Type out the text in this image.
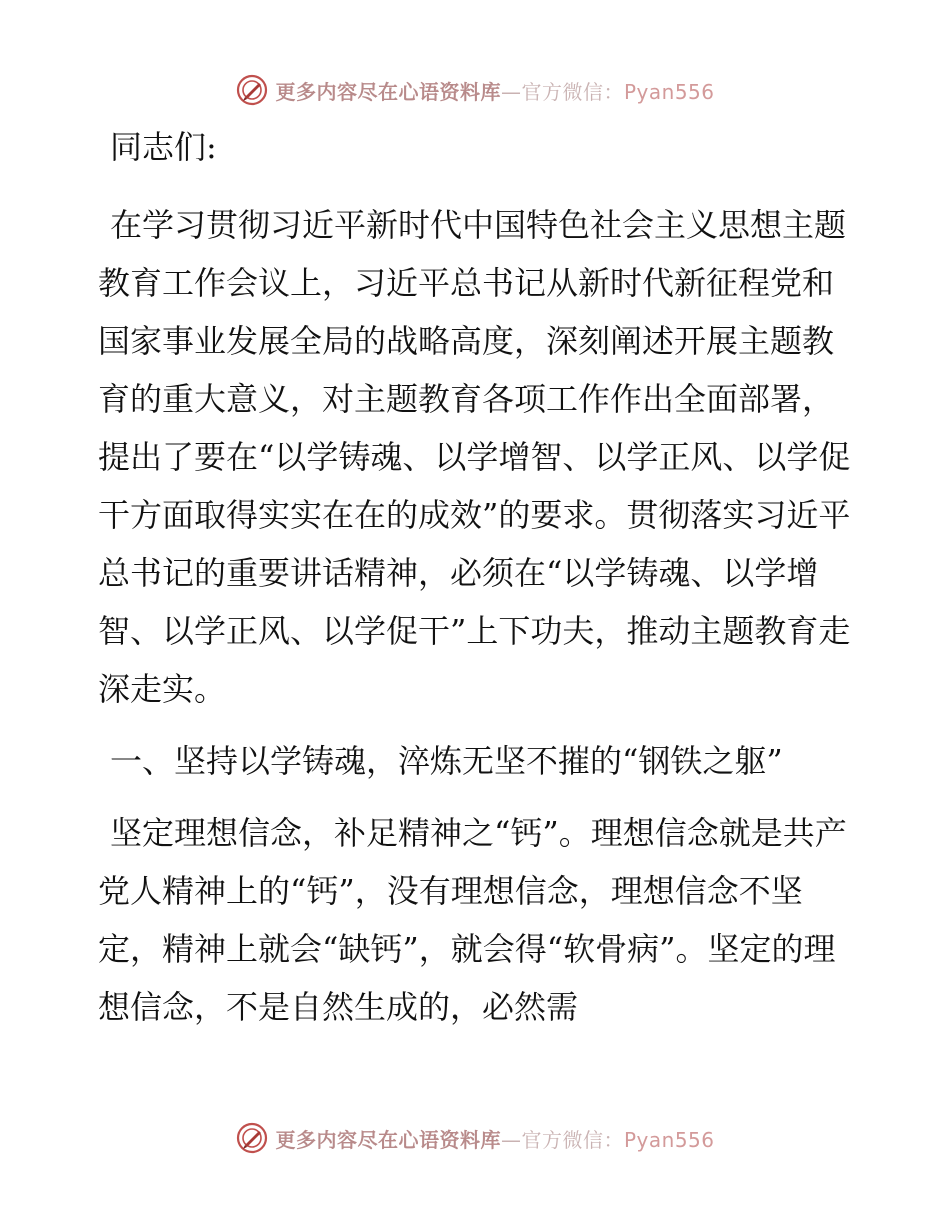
更多内容尽在心语资料库—官方微信：Pyan556

同志们:

在学习贯彻习近平新时代中国特色社会主义思想主题教育工作会议上，习近平总书记从新时代新征程党和国家事业发展全局的战略高度，深刻阐述开展主题教育的重大意义，对主题教育各项工作作出全面部署，提出了要在“以学铸魂、以学增智、以学正风、以学促干方面取得实实在在的成效”的要求。贯彻落实习近平总书记的重要讲话精神，必须在“以学铸魂、以学增智、以学正风、以学促干”上下功夫，推动主题教育走深走实。

一、坚持以学铸魂，淬炼无坚不摧的“钢铁之躯”

坚定理想信念，补足精神之“钙”。理想信念就是共产党人精神上的“钙”，没有理想信念，理想信念不坚定，精神上就会“缺钙”，就会得“软骨病”。坚定的理想信念，不是自然生成的，必然需

更多内容尽在心语资料库—官方微信：Pyan556
